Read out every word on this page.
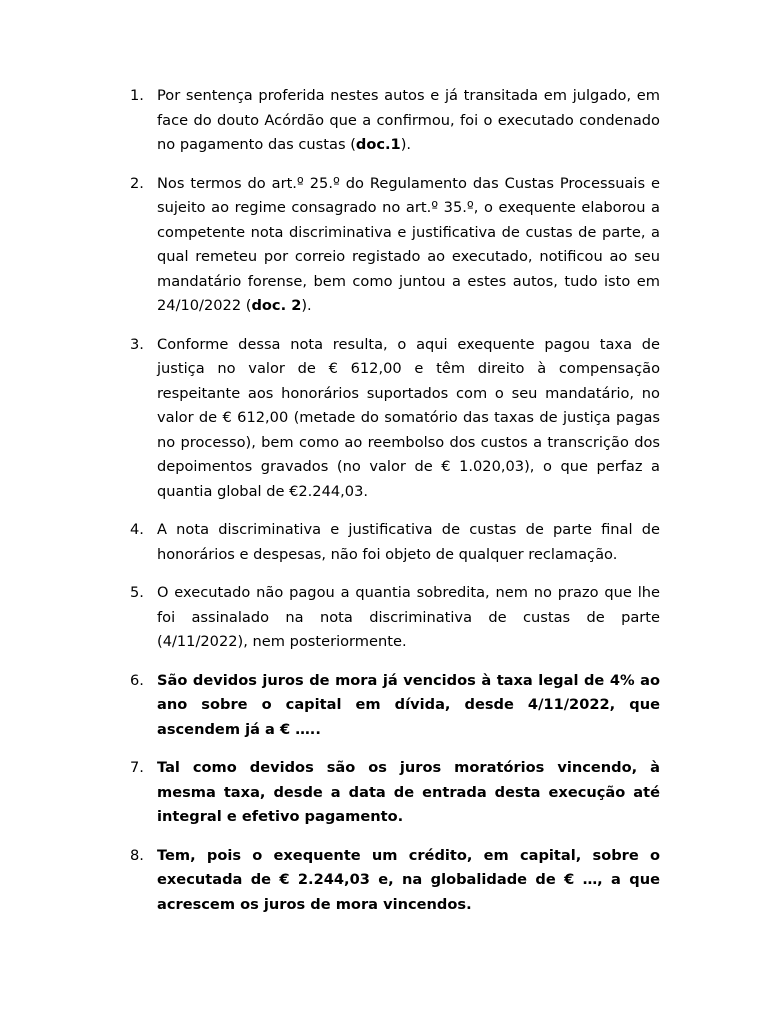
1. Por sentença proferida nestes autos e já transitada em julgado, em face do douto Acórdão que a confirmou, foi o executado condenado no pagamento das custas (doc.1).
2. Nos termos do art.º 25.º do Regulamento das Custas Processuais e sujeito ao regime consagrado no art.º 35.º, o exequente elaborou a competente nota discriminativa e justificativa de custas de parte, a qual remeteu por correio registado ao executado, notificou ao seu mandatário forense, bem como juntou a estes autos, tudo isto em 24/10/2022 (doc. 2).
3. Conforme dessa nota resulta, o aqui exequente pagou taxa de justiça no valor de € 612,00 e têm direito à compensação respeitante aos honorários suportados com o seu mandatário, no valor de € 612,00 (metade do somatório das taxas de justiça pagas no processo), bem como ao reembolso dos custos a transcrição dos depoimentos gravados (no valor de € 1.020,03), o que perfaz a quantia global de €2.244,03.
4. A nota discriminativa e justificativa de custas de parte final de honorários e despesas, não foi objeto de qualquer reclamação.
5. O executado não pagou a quantia sobredita, nem no prazo que lhe foi assinalado na nota discriminativa de custas de parte (4/11/2022), nem posteriormente.
6. São devidos juros de mora já vencidos à taxa legal de 4% ao ano sobre o capital em dívida, desde 4/11/2022, que ascendem já a € …..
7. Tal como devidos são os juros moratórios vincendo, à mesma taxa, desde a data de entrada desta execução até integral e efetivo pagamento.
8. Tem, pois o exequente um crédito, em capital, sobre o executada de € 2.244,03 e, na globalidade de € …, a que acrescem os juros de mora vincendos.
